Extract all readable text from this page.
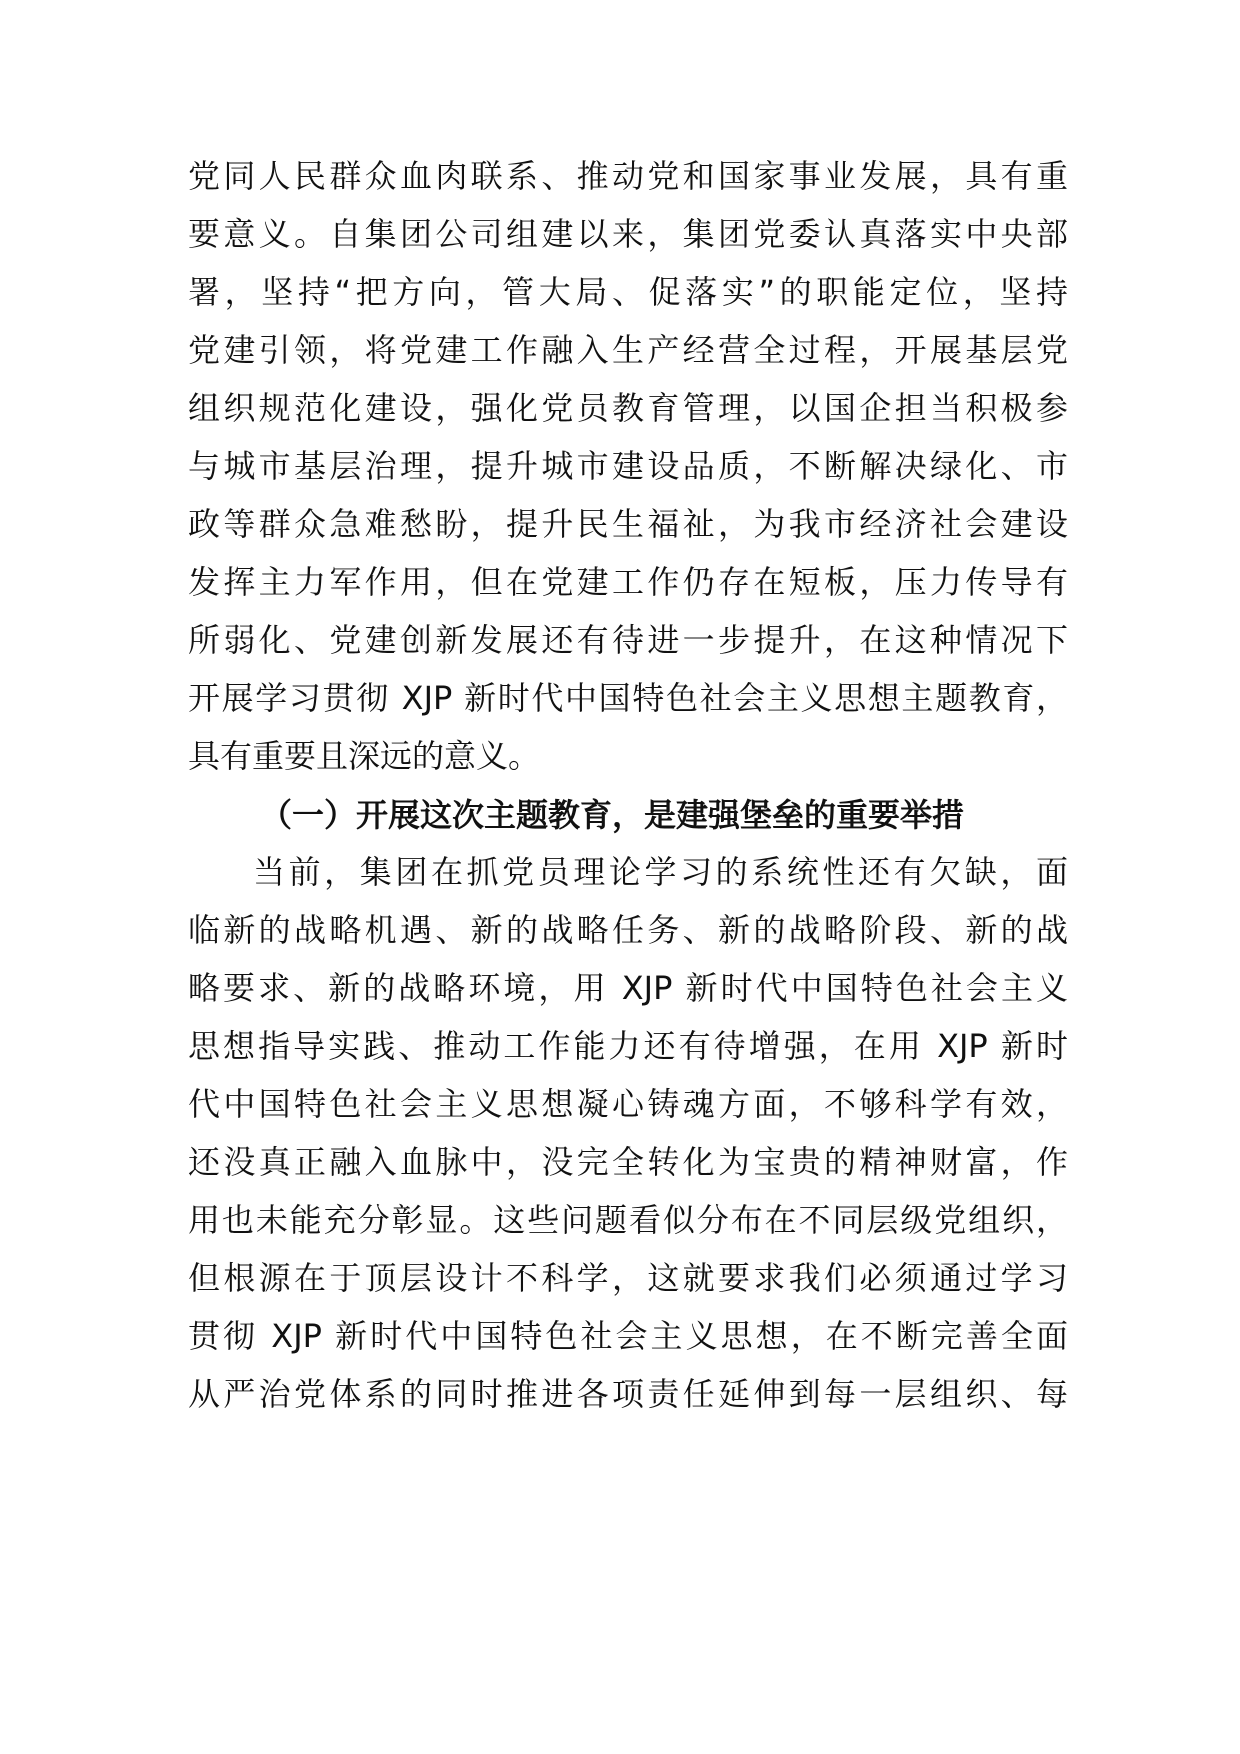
党同人民群众血肉联系、推动党和国家事业发展，具有重
要意义。自集团公司组建以来，集团党委认真落实中央部
署，坚持“把方向，管大局、促落实”的职能定位，坚持
党建引领，将党建工作融入生产经营全过程，开展基层党
组织规范化建设，强化党员教育管理，以国企担当积极参
与城市基层治理，提升城市建设品质，不断解决绿化、市
政等群众急难愁盼，提升民生福祉，为我市经济社会建设
发挥主力军作用，但在党建工作仍存在短板，压力传导有
所弱化、党建创新发展还有待进一步提升，在这种情况下
开展学习贯彻 XJP 新时代中国特色社会主义思想主题教育，
具有重要且深远的意义。
（一）开展这次主题教育，是建强堡垒的重要举措
当前，集团在抓党员理论学习的系统性还有欠缺，面
临新的战略机遇、新的战略任务、新的战略阶段、新的战
略要求、新的战略环境，用 XJP 新时代中国特色社会主义
思想指导实践、推动工作能力还有待增强，在用 XJP 新时
代中国特色社会主义思想凝心铸魂方面，不够科学有效，
还没真正融入血脉中，没完全转化为宝贵的精神财富，作
用也未能充分彰显。这些问题看似分布在不同层级党组织，
但根源在于顶层设计不科学，这就要求我们必须通过学习
贯彻 XJP 新时代中国特色社会主义思想，在不断完善全面
从严治党体系的同时推进各项责任延伸到每一层组织、每
